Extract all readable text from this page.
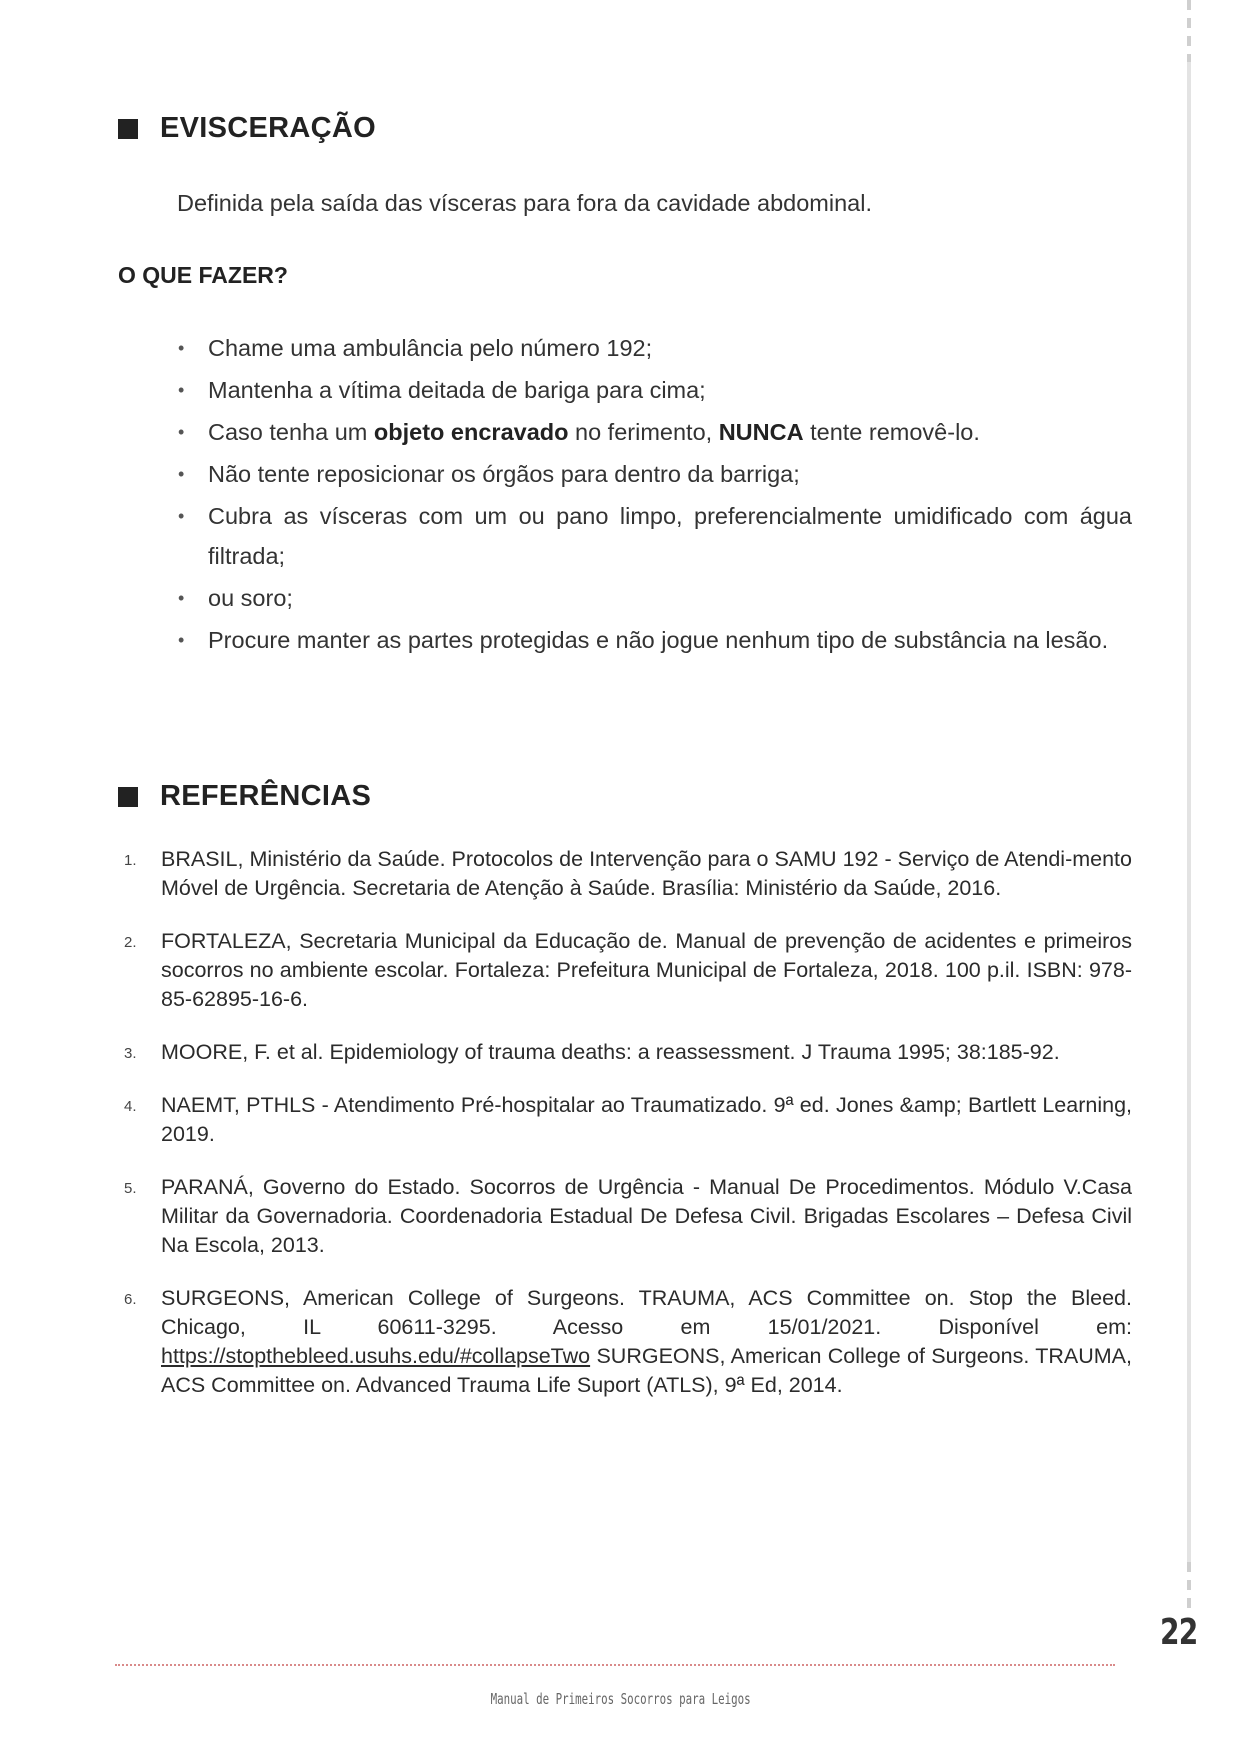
EVISCERAÇÃO
Definida pela saída das vísceras para fora da cavidade abdominal.
O QUE FAZER?
• Chame uma ambulância pelo número 192;
• Mantenha a vítima deitada de bariga para cima;
• Caso tenha um objeto encravado no ferimento, NUNCA tente removê-lo.
• Não tente reposicionar os órgãos para dentro da barriga;
• Cubra as vísceras com um ou pano limpo, preferencialmente umidificado com água filtrada;
• ou soro;
• Procure manter as partes protegidas e não jogue nenhum tipo de substância na lesão.
REFERÊNCIAS
1. BRASIL, Ministério da Saúde. Protocolos de Intervenção para o SAMU 192 - Serviço de Atendi-mento Móvel de Urgência. Secretaria de Atenção à Saúde. Brasília: Ministério da Saúde, 2016.
2. FORTALEZA, Secretaria Municipal da Educação de. Manual de prevenção de acidentes e primeiros socorros no ambiente escolar. Fortaleza: Prefeitura Municipal de Fortaleza, 2018. 100 p.il. ISBN: 978-85-62895-16-6.
3. MOORE, F. et al. Epidemiology of trauma deaths: a reassessment. J Trauma 1995; 38:185-92.
4. NAEMT, PTHLS - Atendimento Pré-hospitalar ao Traumatizado. 9ª ed. Jones &amp; Bartlett Learning, 2019.
5. PARANÁ, Governo do Estado. Socorros de Urgência - Manual De Procedimentos. Módulo V.Casa Militar da Governadoria. Coordenadoria Estadual De Defesa Civil. Brigadas Escolares – Defesa Civil Na Escola, 2013.
6. SURGEONS, American College of Surgeons. TRAUMA, ACS Committee on. Stop the Bleed. Chicago, IL 60611-3295. Acesso em 15/01/2021. Disponível em: https://stopthebleed.usuhs.edu/#collapseTwo SURGEONS, American College of Surgeons. TRAUMA, ACS Committee on. Advanced Trauma Life Suport (ATLS), 9ª Ed, 2014.
22
Manual de Primeiros Socorros para Leigos
